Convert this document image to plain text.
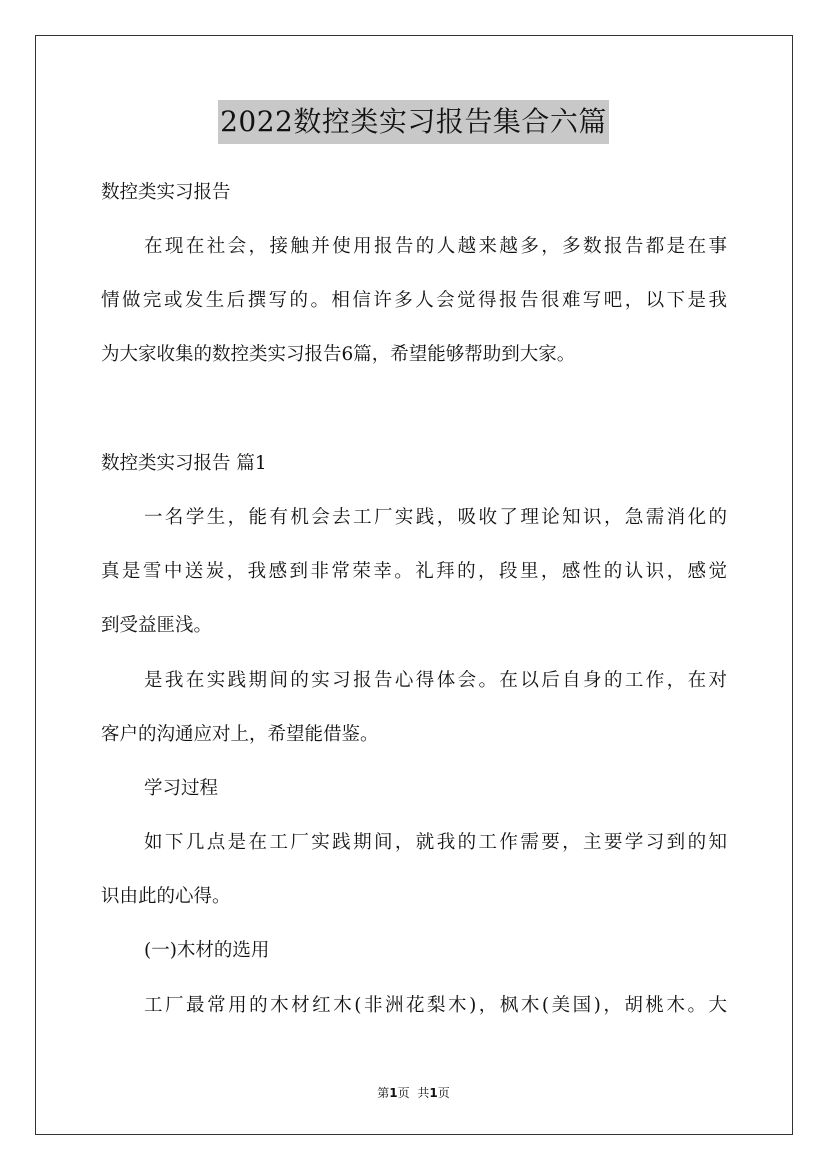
2022数控类实习报告集合六篇
数控类实习报告
在现在社会，接触并使用报告的人越来越多，多数报告都是在事
情做完或发生后撰写的。相信许多人会觉得报告很难写吧，以下是我
为大家收集的数控类实习报告6篇，希望能够帮助到大家。
数控类实习报告 篇1
一名学生，能有机会去工厂实践，吸收了理论知识，急需消化的
真是雪中送炭，我感到非常荣幸。礼拜的，段里，感性的认识，感觉
到受益匪浅。
是我在实践期间的实习报告心得体会。在以后自身的工作，在对
客户的沟通应对上，希望能借鉴。
学习过程
如下几点是在工厂实践期间，就我的工作需要，主要学习到的知
识由此的心得。
(一)木材的选用
工厂最常用的木材红木(非洲花梨木)，枫木(美国)，胡桃木。大
第1页 共1页
